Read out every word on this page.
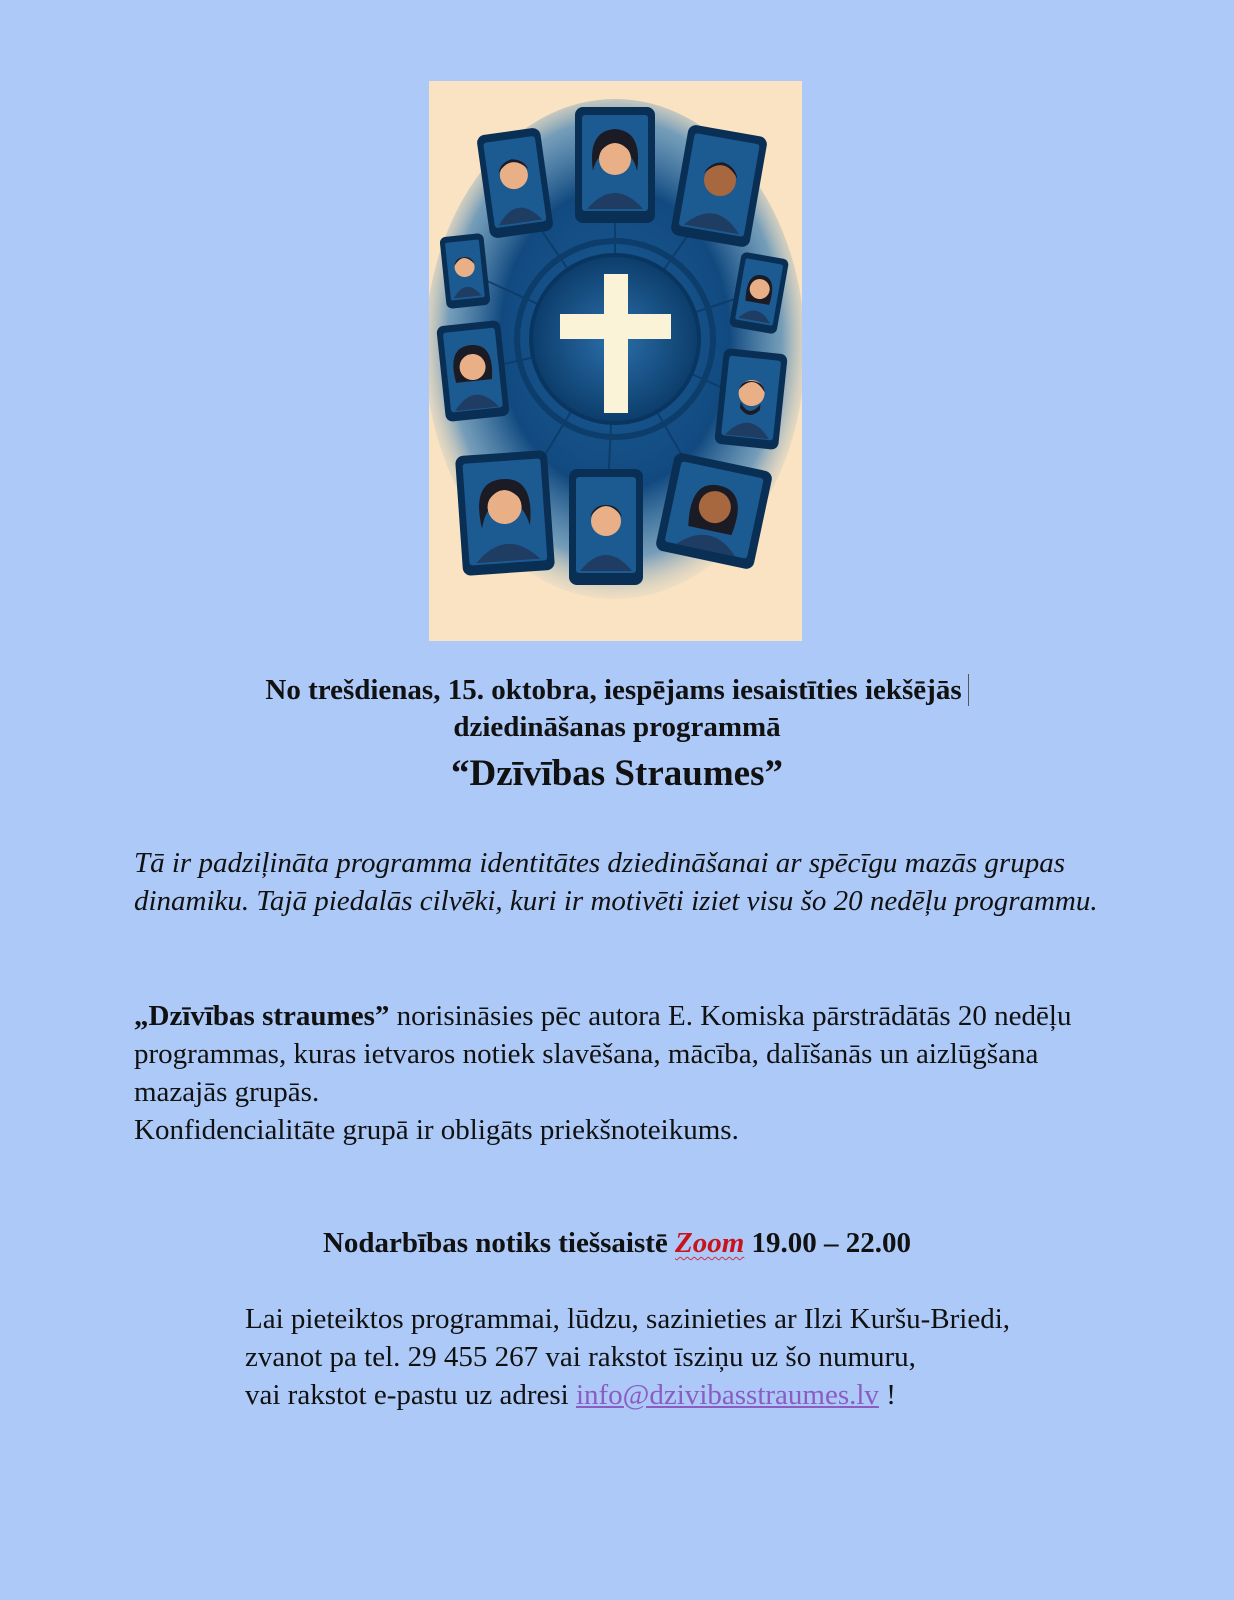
No trešdienas, 15. oktobra, iespējams iesaistīties iekšējās
dziedināšanas programmā
“Dzīvības Straumes”
Tā ir padziļināta programma identitātes dziedināšanai ar spēcīgu mazās grupas dinamiku. Tajā piedalās cilvēki, kuri ir motivēti iziet visu šo 20 nedēļu programmu.

„Dzīvības straumes” norisināsies pēc autora E. Komiska pārstrādātās 20 nedēļu programmas, kuras ietvaros notiek slavēšana, mācība, dalīšanās un aizlūgšana mazajās grupās.

Konfidencialitāte grupā ir obligāts priekšnoteikums.

Nodarbības notiks tiešsaistē Zoom 19.00 – 22.00

Lai pieteiktos programmai, lūdzu, sazinieties ar Ilzi Kuršu-Briedi,

zvanot pa tel. 29 455 267 vai rakstot īsziņu uz šo numuru,

vai rakstot e-pastu uz adresi info@dzivibasstraumes.lv !
